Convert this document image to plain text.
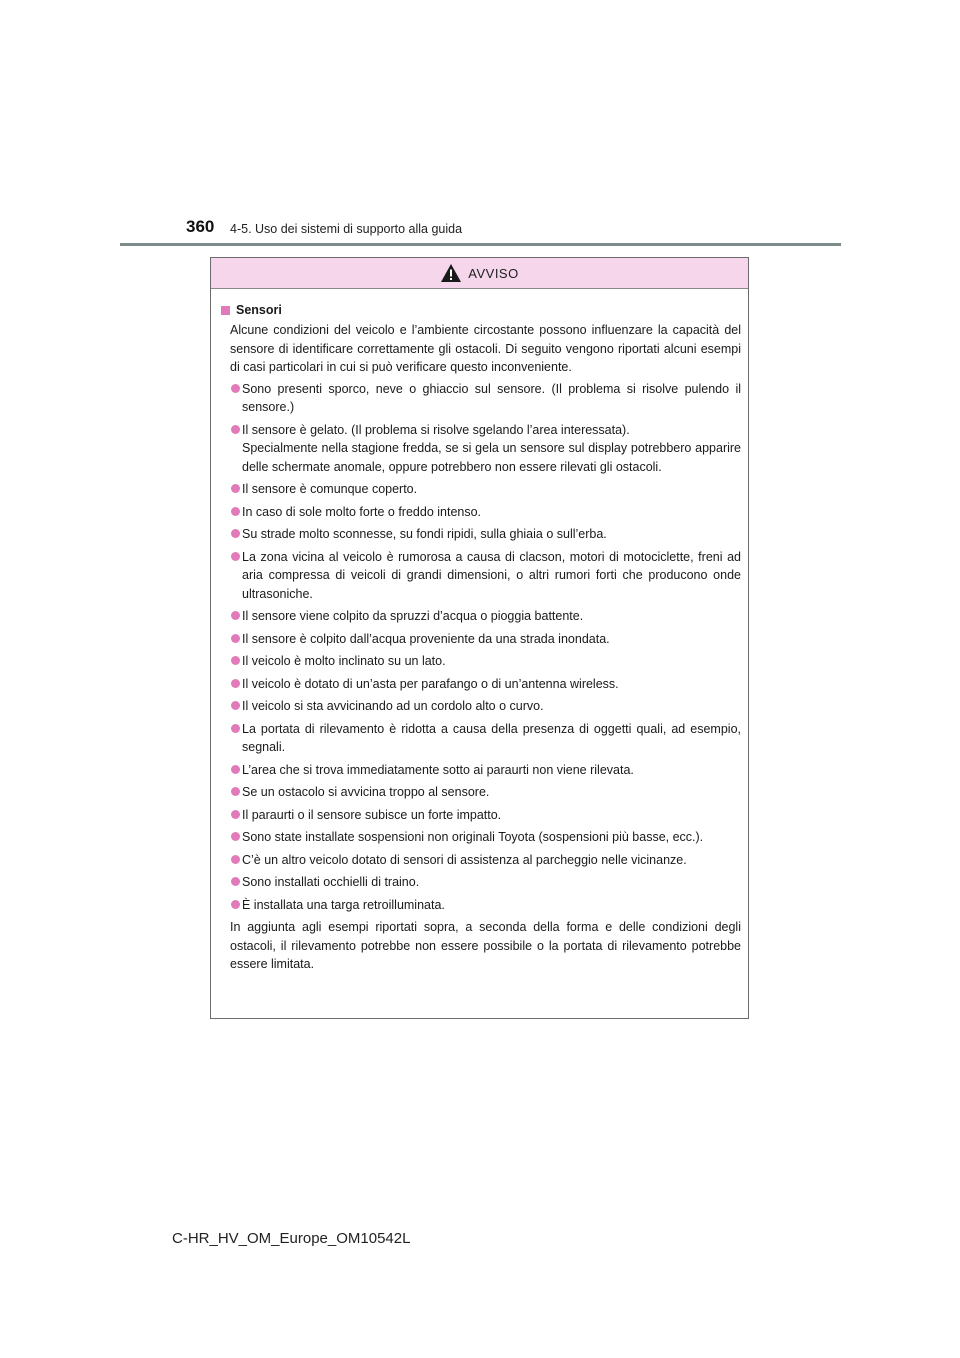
360 4-5. Uso dei sistemi di supporto alla guida
AVVISO
Sensori

Alcune condizioni del veicolo e l’ambiente circostante possono influenzare la capacità del sensore di identificare correttamente gli ostacoli. Di seguito vengono riportati alcuni esempi di casi particolari in cui si può verificare questo inconveniente.

Sono presenti sporco, neve o ghiaccio sul sensore. (Il problema si risolve pulendo il sensore.)
Il sensore è gelato. (Il problema si risolve sgelando l’area interessata).
Specialmente nella stagione fredda, se si gela un sensore sul display potrebbero apparire delle schermate anomale, oppure potrebbero non essere rilevati gli ostacoli.
Il sensore è comunque coperto.
In caso di sole molto forte o freddo intenso.
Su strade molto sconnesse, su fondi ripidi, sulla ghiaia o sull’erba.
La zona vicina al veicolo è rumorosa a causa di clacson, motori di motociclette, freni ad aria compressa di veicoli di grandi dimensioni, o altri rumori forti che producono onde ultrasoniche.
Il sensore viene colpito da spruzzi d’acqua o pioggia battente.
Il sensore è colpito dall’acqua proveniente da una strada inondata.
Il veicolo è molto inclinato su un lato.
Il veicolo è dotato di un’asta per parafango o di un’antenna wireless.
Il veicolo si sta avvicinando ad un cordolo alto o curvo.
La portata di rilevamento è ridotta a causa della presenza di oggetti quali, ad esempio, segnali.
L’area che si trova immediatamente sotto ai paraurti non viene rilevata.
Se un ostacolo si avvicina troppo al sensore.
Il paraurti o il sensore subisce un forte impatto.
Sono state installate sospensioni non originali Toyota (sospensioni più basse, ecc.).
C’è un altro veicolo dotato di sensori di assistenza al parcheggio nelle vicinanze.
Sono installati occhielli di traino.
È installata una targa retroilluminata.

In aggiunta agli esempi riportati sopra, a seconda della forma e delle condizioni degli ostacoli, il rilevamento potrebbe non essere possibile o la portata di rilevamento potrebbe essere limitata.

C-HR_HV_OM_Europe_OM10542L
